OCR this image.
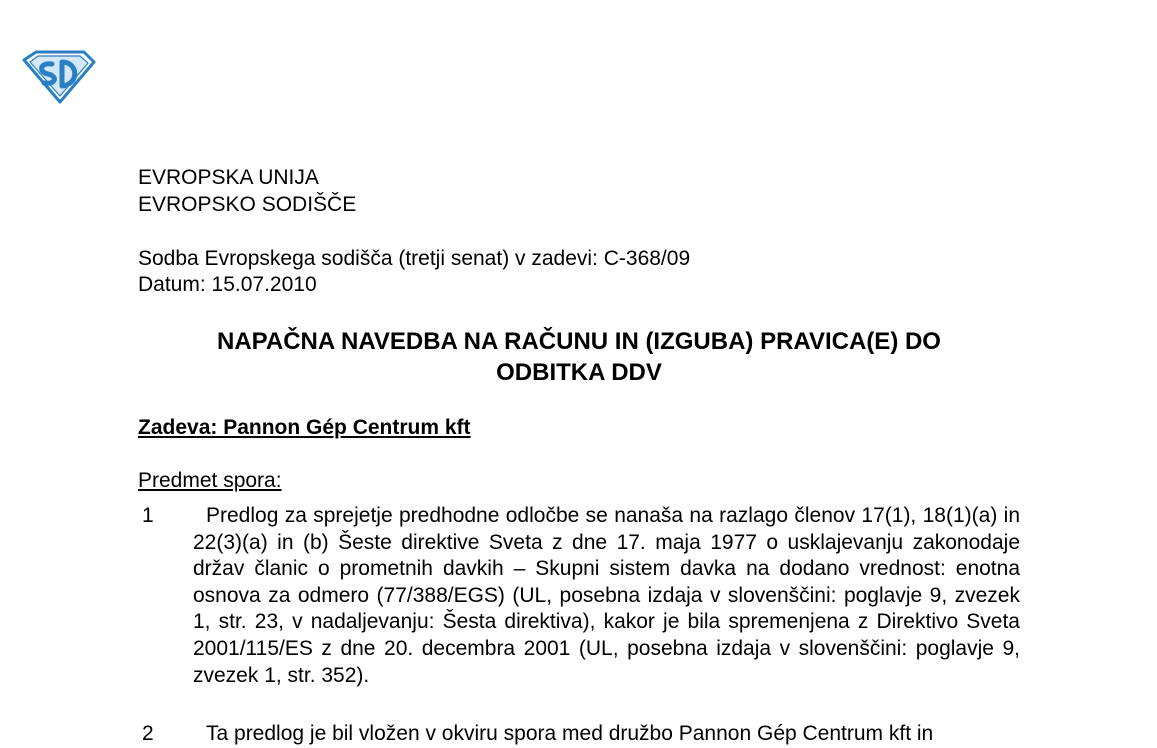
EVROPSKA UNIJA
EVROPSKO SODIŠČE
Sodba Evropskega sodišča (tretji senat) v zadevi: C-368/09
Datum: 15.07.2010
NAPAČNA NAVEDBA NA RAČUNU IN (IZGUBA) PRAVICA(E) DO
ODBITKA DDV
Zadeva: Pannon Gép Centrum kft
Predmet spora:
1	Predlog za sprejetje predhodne odločbe se nanaša na razlago členov 17(1), 18(1)(a) in 22(3)(a) in (b) Šeste direktive Sveta z dne 17. maja 1977 o usklajevanju zakonodaje držav članic o prometnih davkih – Skupni sistem davka na dodano vrednost: enotna osnova za odmero (77/388/EGS) (UL, posebna izdaja v slovenščini: poglavje 9, zvezek 1, str. 23, v nadaljevanju: Šesta direktiva), kakor je bila spremenjena z Direktivo Sveta 2001/115/ES z dne 20. decembra 2001 (UL, posebna izdaja v slovenščini: poglavje 9, zvezek 1, str. 352).
2	Ta predlog je bil vložen v okviru spora med družbo Pannon Gép Centrum kft in
